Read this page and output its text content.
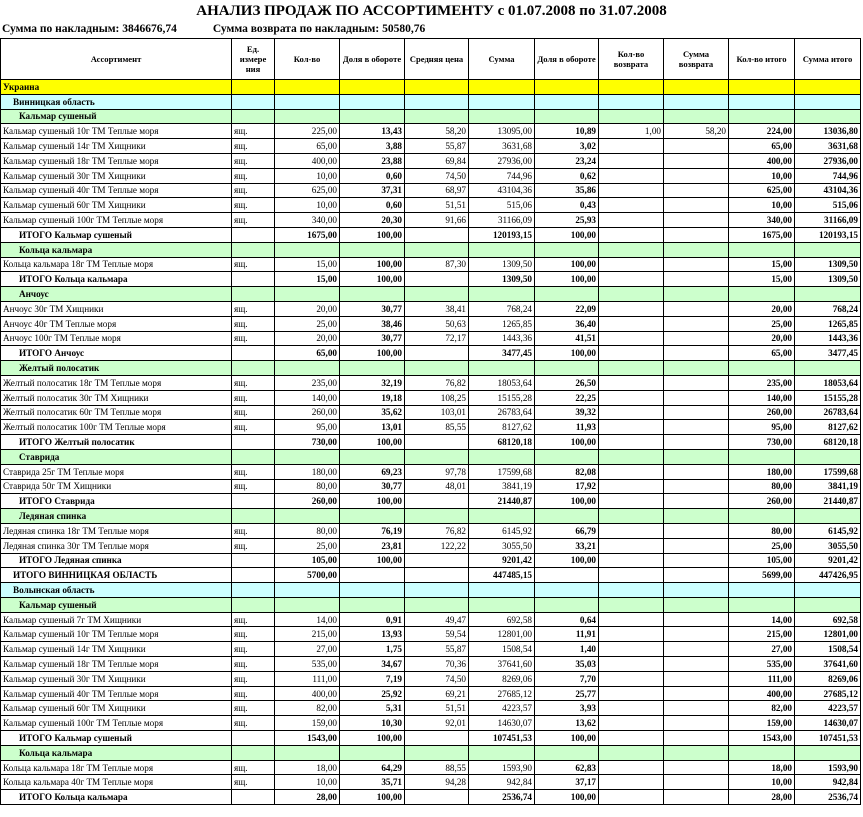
АНАЛИЗ ПРОДАЖ ПО АССОРТИМЕНТУ с 01.07.2008 по 31.07.2008
Сумма по накладным: 3846676,74	Сумма возврата по накладным: 50580,76
Ассортимент	Ед. измере ния	Кол-во	Доля в обороте	Средняя цена	Сумма	Доля в обороте	Кол-во возврата	Сумма возврата	Кол-во итого	Сумма итого
Украина										
Винницкая область										
Кальмар сушеный										
Кальмар сушеный 10г ТМ Теплые моря	ящ.	225,00	13,43	58,20	13095,00	10,89	1,00	58,20	224,00	13036,80
Кальмар сушеный 14г ТМ Хищники	ящ.	65,00	3,88	55,87	3631,68	3,02			65,00	3631,68
Кальмар сушеный 18г ТМ Теплые моря	ящ.	400,00	23,88	69,84	27936,00	23,24			400,00	27936,00
Кальмар сушеный 30г ТМ Хищники	ящ.	10,00	0,60	74,50	744,96	0,62			10,00	744,96
Кальмар сушеный 40г ТМ Теплые моря	ящ.	625,00	37,31	68,97	43104,36	35,86			625,00	43104,36
Кальмар сушеный 60г ТМ Хищники	ящ.	10,00	0,60	51,51	515,06	0,43			10,00	515,06
Кальмар сушеный 100г ТМ Теплые моря	ящ.	340,00	20,30	91,66	31166,09	25,93			340,00	31166,09
ИТОГО Кальмар сушеный		1675,00	100,00		120193,15	100,00			1675,00	120193,15
Кольца кальмара										
Кольца кальмара 18г ТМ Теплые моря	ящ.	15,00	100,00	87,30	1309,50	100,00			15,00	1309,50
ИТОГО Кольца кальмара		15,00	100,00		1309,50	100,00			15,00	1309,50
Анчоус										
Анчоус 30г ТМ Хищники	ящ.	20,00	30,77	38,41	768,24	22,09			20,00	768,24
Анчоус 40г ТМ Теплые моря	ящ.	25,00	38,46	50,63	1265,85	36,40			25,00	1265,85
Анчоус 100г ТМ Теплые моря	ящ.	20,00	30,77	72,17	1443,36	41,51			20,00	1443,36
ИТОГО Анчоус		65,00	100,00		3477,45	100,00			65,00	3477,45
Желтый полосатик										
Желтый полосатик 18г ТМ Теплые моря	ящ.	235,00	32,19	76,82	18053,64	26,50			235,00	18053,64
Желтый полосатик 30г ТМ Хищники	ящ.	140,00	19,18	108,25	15155,28	22,25			140,00	15155,28
Желтый полосатик 60г ТМ Теплые моря	ящ.	260,00	35,62	103,01	26783,64	39,32			260,00	26783,64
Желтый полосатик 100г ТМ Теплые моря	ящ.	95,00	13,01	85,55	8127,62	11,93			95,00	8127,62
ИТОГО Желтый полосатик		730,00	100,00		68120,18	100,00			730,00	68120,18
Ставрида										
Ставрида 25г ТМ Теплые моря	ящ.	180,00	69,23	97,78	17599,68	82,08			180,00	17599,68
Ставрида 50г ТМ Хищники	ящ.	80,00	30,77	48,01	3841,19	17,92			80,00	3841,19
ИТОГО Ставрида		260,00	100,00		21440,87	100,00			260,00	21440,87
Ледяная спинка										
Ледяная спинка 18г ТМ Теплые моря	ящ.	80,00	76,19	76,82	6145,92	66,79			80,00	6145,92
Ледяная спинка 30г ТМ Теплые моря	ящ.	25,00	23,81	122,22	3055,50	33,21			25,00	3055,50
ИТОГО Ледяная спинка		105,00	100,00		9201,42	100,00			105,00	9201,42
ИТОГО ВИННИЦКАЯ ОБЛАСТЬ		5700,00			447485,15				5699,00	447426,95
Волынская область										
Кальмар сушеный										
Кальмар сушеный 7г ТМ Хищники	ящ.	14,00	0,91	49,47	692,58	0,64			14,00	692,58
Кальмар сушеный 10г ТМ Теплые моря	ящ.	215,00	13,93	59,54	12801,00	11,91			215,00	12801,00
Кальмар сушеный 14г ТМ Хищники	ящ.	27,00	1,75	55,87	1508,54	1,40			27,00	1508,54
Кальмар сушеный 18г ТМ Теплые моря	ящ.	535,00	34,67	70,36	37641,60	35,03			535,00	37641,60
Кальмар сушеный 30г ТМ Хищники	ящ.	111,00	7,19	74,50	8269,06	7,70			111,00	8269,06
Кальмар сушеный 40г ТМ Теплые моря	ящ.	400,00	25,92	69,21	27685,12	25,77			400,00	27685,12
Кальмар сушеный 60г ТМ Хищники	ящ.	82,00	5,31	51,51	4223,57	3,93			82,00	4223,57
Кальмар сушеный 100г ТМ Теплые моря	ящ.	159,00	10,30	92,01	14630,07	13,62			159,00	14630,07
ИТОГО Кальмар сушеный		1543,00	100,00		107451,53	100,00			1543,00	107451,53
Кольца кальмара										
Кольца кальмара 18г ТМ Теплые моря	ящ.	18,00	64,29	88,55	1593,90	62,83			18,00	1593,90
Кольца кальмара 40г ТМ Теплые моря	ящ.	10,00	35,71	94,28	942,84	37,17			10,00	942,84
ИТОГО Кольца кальмара		28,00	100,00		2536,74	100,00			28,00	2536,74
